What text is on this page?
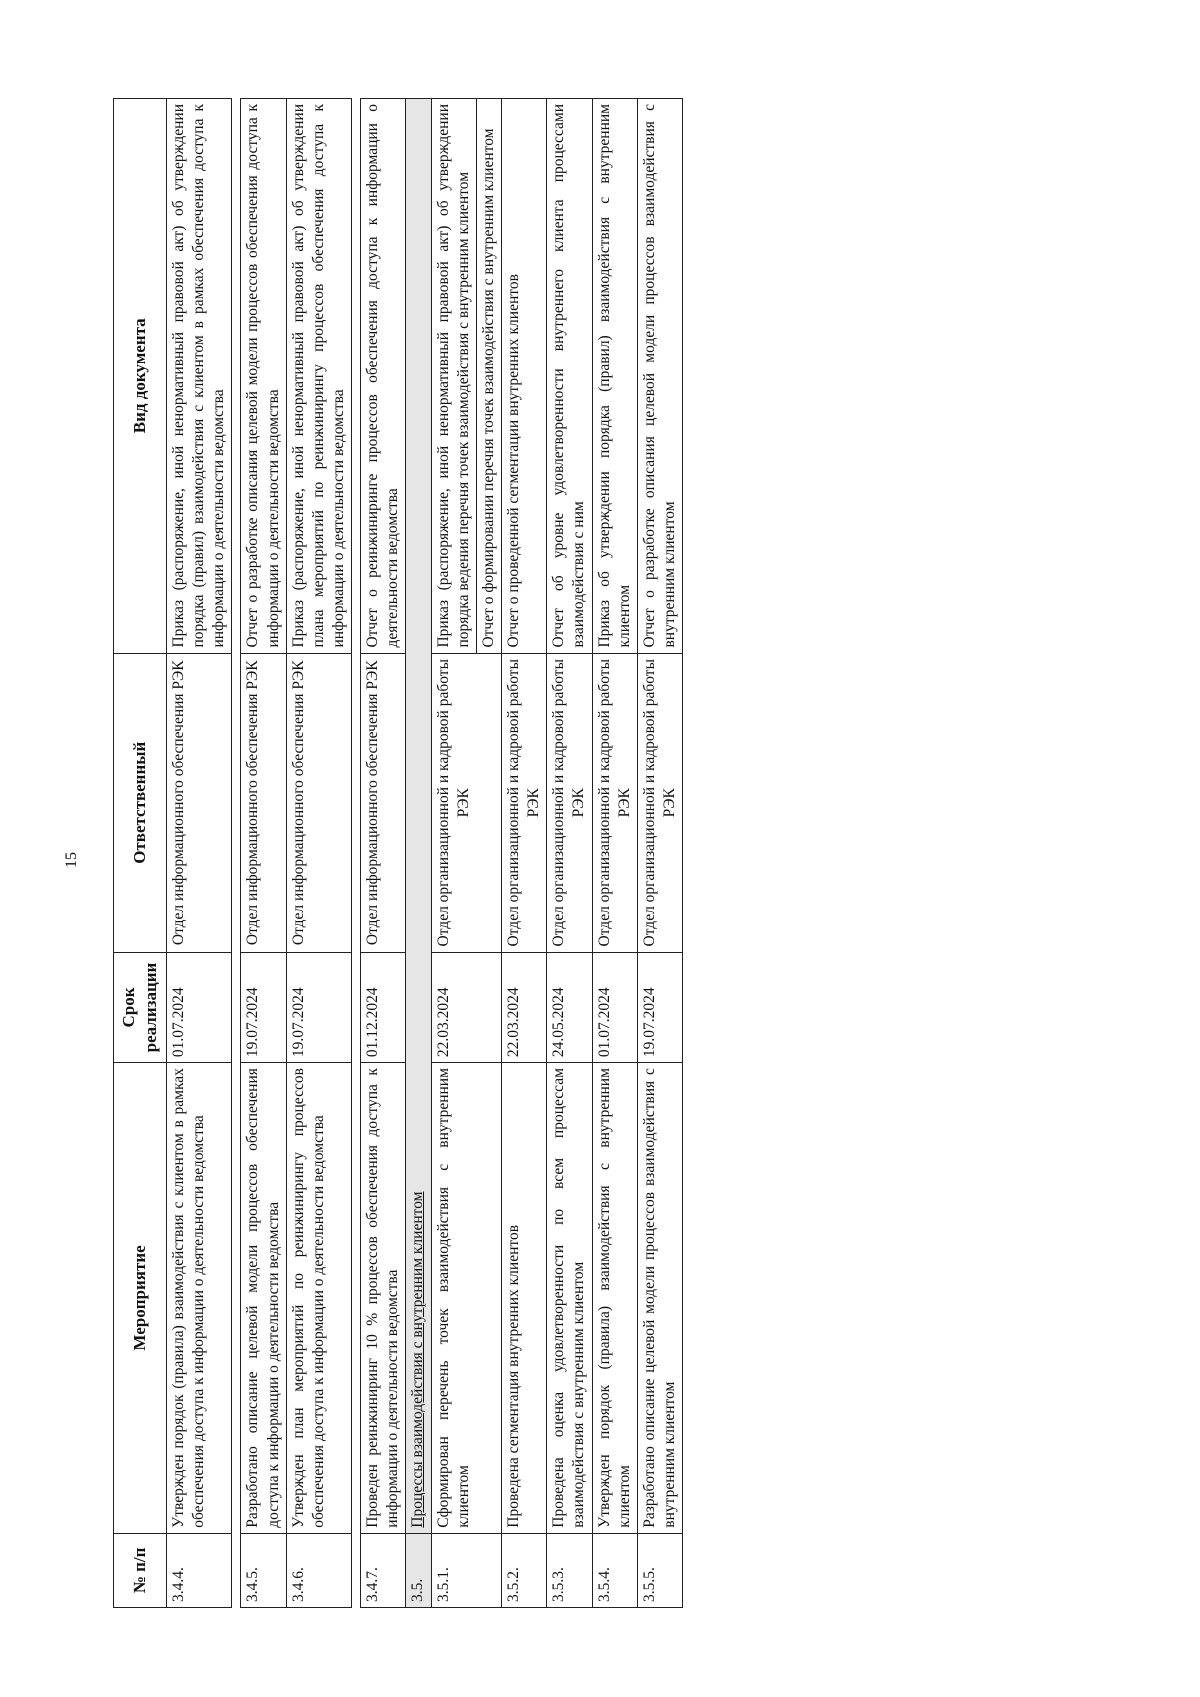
15
№ п/п	Мероприятие	Срок реализации	Ответственный	Вид документа
3.4.4.	Утвержден порядок (правила) взаимодействия с клиентом в рамках обеспечения доступа к информации о деятельности ведомства	01.07.2024	Отдел информационного обеспечения РЭК	Приказ (распоряжение, иной ненормативный правовой акт) об утверждении порядка (правил) взаимодействия с клиентом в рамках обеспечения доступа к информации о деятельности ведомства

3.4.5.	Разработано описание целевой модели процессов обеспечения доступа к информации о деятельности ведомства	19.07.2024	Отдел информационного обеспечения РЭК	Отчет о разработке описания целевой модели процессов обеспечения доступа к информации о деятельности ведомства
3.4.6.	Утвержден план мероприятий по реинжинирингу процессов обеспечения доступа к информации о деятельности ведомства	19.07.2024	Отдел информационного обеспечения РЭК	Приказ (распоряжение, иной ненормативный правовой акт) об утверждении плана мероприятий по реинжинирингу процессов обеспечения доступа к информации о деятельности ведомства

3.4.7.	Проведен реинжиниринг 10 % процессов обеспечения доступа к информации о деятельности ведомства	01.12.2024	Отдел информационного обеспечения РЭК	Отчет о реинжиниринге процессов обеспечения доступа к информации о деятельности ведомства
3.5.	Процессы взаимодействия с внутренним клиентом			
3.5.1.	Сформирован перечень точек взаимодействия с внутренним клиентом	22.03.2024	Отдел организационной и кадровой работы РЭК	Приказ (распоряжение, иной ненормативный правовой акт) об утверждении порядка ведения перечня точек взаимодействия с внутренним клиентом Отчет о формировании перечня точек взаимодействия с внутренним клиентом

3.5.2.	Проведена сегментация внутренних клиентов	22.03.2024	Отдел организационной и кадровой работы РЭК	Отчет о проведенной сегментации внутренних клиентов
3.5.3.	Проведена оценка удовлетворенности по всем процессам взаимодействия с внутренним клиентом	24.05.2024	Отдел организационной и кадровой работы РЭК	Отчет об уровне удовлетворенности внутреннего клиента процессами взаимодействия с ним
3.5.4.	Утвержден порядок (правила) взаимодействия с внутренним клиентом	01.07.2024	Отдел организационной и кадровой работы РЭК	Приказ об утверждении порядка (правил) взаимодействия с внутренним клиентом
3.5.5.	Разработано описание целевой модели процессов взаимодействия с внутренним клиентом	19.07.2024	Отдел организационной и кадровой работы РЭК	Отчет о разработке описания целевой модели процессов взаимодействия с внутренним клиентом
